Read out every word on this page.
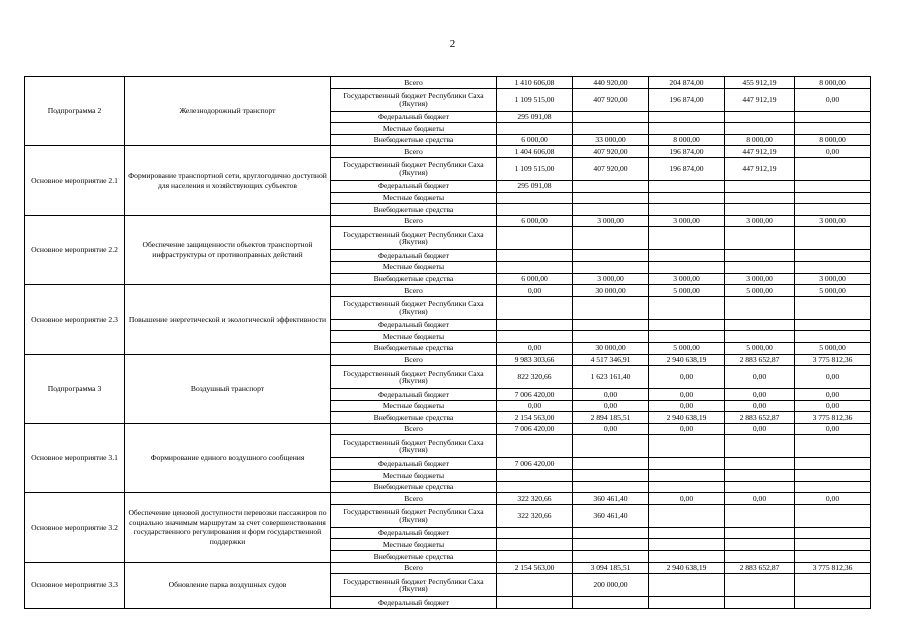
2
Подпрограмма 2	Железнодорожный транспорт	Всего	1 410 606,08	440 920,00	204 874,00	455 912,19	8 000,00
		Государственный бюджет Республики Саха (Якутия)	1 109 515,00	407 920,00	196 874,00	447 912,19	0,00
		Федеральный бюджет	295 091,08				
		Местные бюджеты					
		Внебюджетные средства	6 000,00	33 000,00	8 000,00	8 000,00	8 000,00
Основное мероприятие 2.1	Формирование транспортной сети, круглогодично доступной для населения и хозяйствующих субъектов	Всего	1 404 606,08	407 920,00	196 874,00	447 912,19	0,00
		Государственный бюджет Республики Саха (Якутия)	1 109 515,00	407 920,00	196 874,00	447 912,19	
		Федеральный бюджет	295 091,08				
		Местные бюджеты					
		Внебюджетные средства					
Основное мероприятие 2.2	Обеспечение защищенности объектов транспортной инфраструктуры от противоправных действий	Всего	6 000,00	3 000,00	3 000,00	3 000,00	3 000,00
		Государственный бюджет Республики Саха (Якутия)					
		Федеральный бюджет					
		Местные бюджеты					
		Внебюджетные средства	6 000,00	3 000,00	3 000,00	3 000,00	3 000,00
Основное мероприятие 2.3	Повышение энергетической и экологической эффективности	Всего	0,00	30 000,00	5 000,00	5 000,00	5 000,00
		Государственный бюджет Республики Саха (Якутия)					
		Федеральный бюджет					
		Местные бюджеты					
		Внебюджетные средства	0,00	30 000,00	5 000,00	5 000,00	5 000,00
Подпрограмма 3	Воздушный транспорт	Всего	9 983 303,66	4 517 346,91	2 940 638,19	2 883 652,87	3 775 812,36
		Государственный бюджет Республики Саха (Якутия)	822 320,66	1 623 161,40	0,00	0,00	0,00
		Федеральный бюджет	7 006 420,00	0,00	0,00	0,00	0,00
		Местные бюджеты	0,00	0,00	0,00	0,00	0,00
		Внебюджетные средства	2 154 563,00	2 894 185,51	2 940 638,19	2 883 652,87	3 775 812,36
Основное мероприятие 3.1	Формирование единого воздушного сообщения	Всего	7 006 420,00	0,00	0,00	0,00	0,00
		Государственный бюджет Республики Саха (Якутия)					
		Федеральный бюджет	7 006 420,00				
		Местные бюджеты					
		Внебюджетные средства					
Основное мероприятие 3.2	Обеспечение ценовой доступности перевозки пассажиров по социально значимым маршрутам за счет совершенствования государственного регулирования и форм государственной поддержки	Всего	322 320,66	360 461,40	0,00	0,00	0,00
		Государственный бюджет Республики Саха (Якутия)	322 320,66	360 461,40			
		Федеральный бюджет					
		Местные бюджеты					
		Внебюджетные средства					
Основное мероприятие 3.3	Обновление парка воздушных судов	Всего	2 154 563,00	3 094 185,51	2 940 638,19	2 883 652,87	3 775 812,36
		Государственный бюджет Республики Саха (Якутия)		200 000,00			
		Федеральный бюджет					
